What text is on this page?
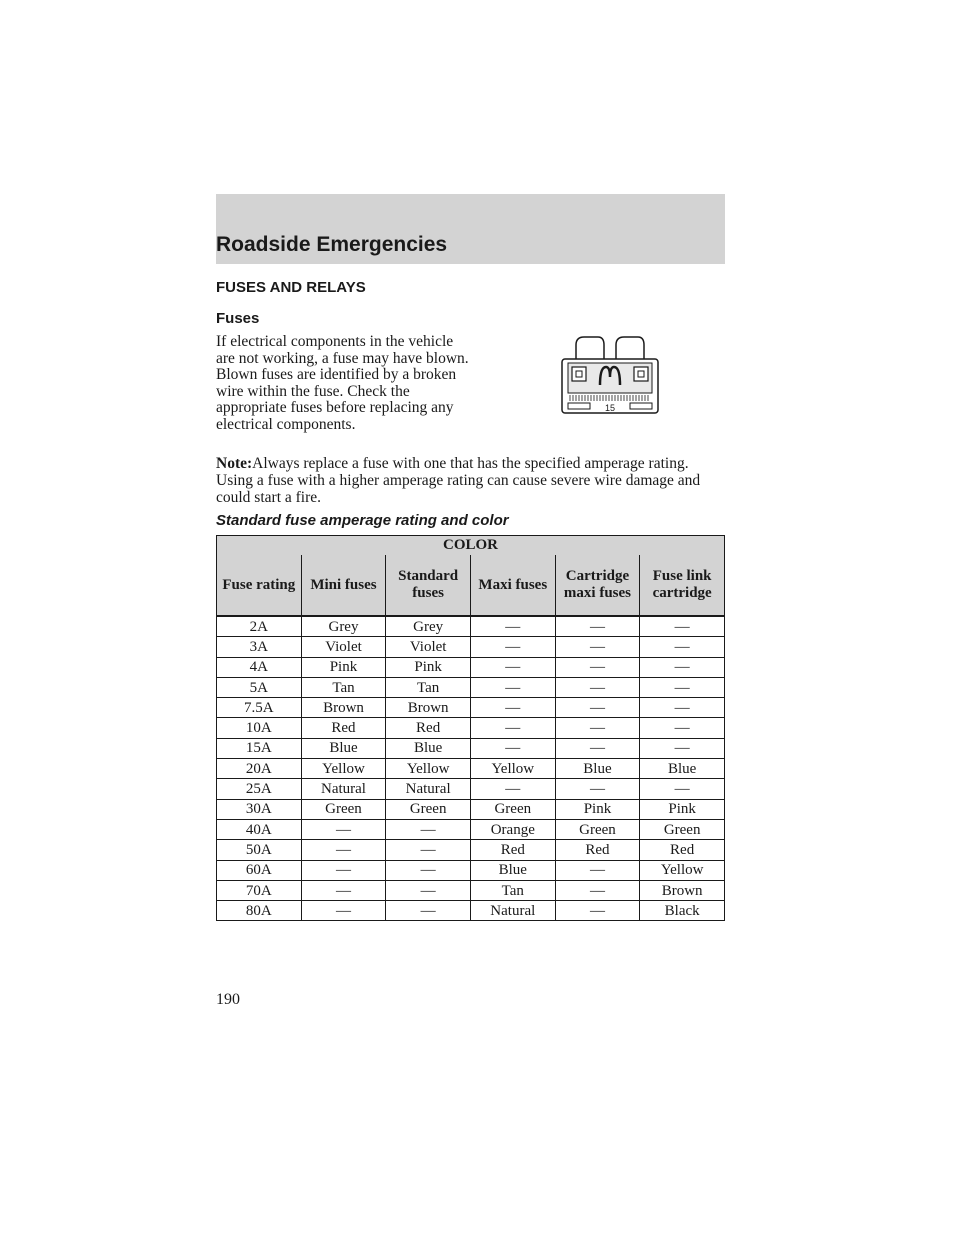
Roadside Emergencies
FUSES AND RELAYS
Fuses
If electrical components in the vehicle are not working, a fuse may have blown. Blown fuses are identified by a broken wire within the fuse. Check the appropriate fuses before replacing any electrical components.
15
Note:Always replace a fuse with one that has the specified amperage rating. Using a fuse with a higher amperage rating can cause severe wire damage and could start a fire.
Standard fuse amperage rating and color
COLOR					
Fuse rating	Mini fuses	Standard fuses	Maxi fuses	Cartridge maxi fuses	Fuse link cartridge
2A	Grey	Grey	—	—	—
3A	Violet	Violet	—	—	—
4A	Pink	Pink	—	—	—
5A	Tan	Tan	—	—	—
7.5A	Brown	Brown	—	—	—
10A	Red	Red	—	—	—
15A	Blue	Blue	—	—	—
20A	Yellow	Yellow	Yellow	Blue	Blue
25A	Natural	Natural	—	—	—
30A	Green	Green	Green	Pink	Pink
40A	—	—	Orange	Green	Green
50A	—	—	Red	Red	Red
60A	—	—	Blue	—	Yellow
70A	—	—	Tan	—	Brown
80A	—	—	Natural	—	Black
190
